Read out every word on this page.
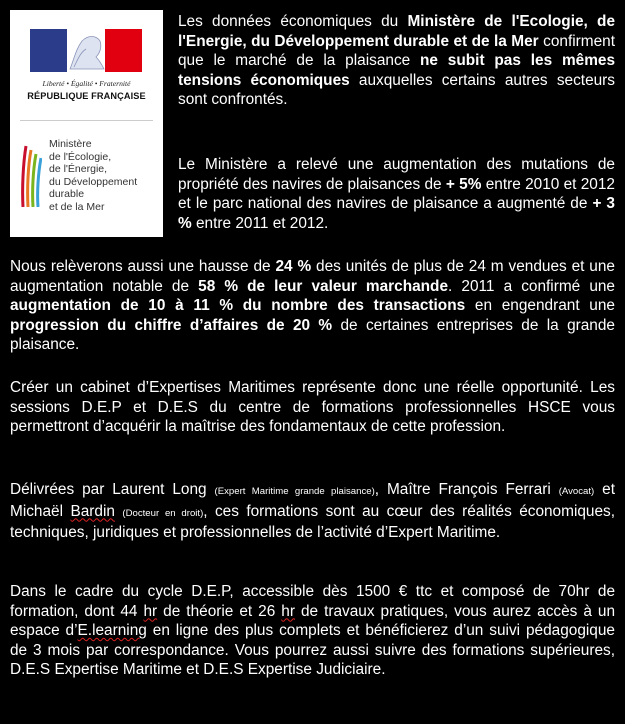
Liberté • Égalité • Fraternité
RÉPUBLIQUE FRANÇAISE
Ministère
de l'Écologie,
de l'Énergie,
du Développement
durable
et de la Mer

Les données économiques du Ministère de l'Ecologie, de l'Energie, du Développement durable et de la Mer confirment que le marché de la plaisance ne subit pas les mêmes tensions économiques auxquelles certains autres secteurs sont confrontés.

Le Ministère a relevé une augmentation des mutations de propriété des navires de plaisances de + 5% entre 2010 et 2012 et le parc national des navires de plaisance a augmenté de + 3 % entre 2011 et 2012.

Nous relèverons aussi une hausse de 24 % des unités de plus de 24 m vendues et une augmentation notable de 58 % de leur valeur marchande. 2011 a confirmé une augmentation de 10 à 11 % du nombre des transactions en engendrant une progression du chiffre d’affaires de 20 % de certaines entreprises de la grande plaisance.

Créer un cabinet d’Expertises Maritimes représente donc une réelle opportunité. Les sessions D.E.P et D.E.S du centre de formations professionnelles HSCE vous permettront d’acquérir la maîtrise des fondamentaux de cette profession.

Délivrées par Laurent Long (Expert Maritime grande plaisance), Maître François Ferrari (Avocat) et Michaël Bardin (Docteur en droit), ces formations sont au cœur des réalités économiques, techniques, juridiques et professionnelles de l’activité d’Expert Maritime.

Dans le cadre du cycle D.E.P, accessible dès 1500 € ttc et composé de 70hr de formation, dont 44 hr de théorie et 26 hr de travaux pratiques, vous aurez accès à un espace d’E.learning en ligne des plus complets et bénéficierez d’un suivi pédagogique de 3 mois par correspondance. Vous pourrez aussi suivre des formations supérieures, D.E.S Expertise Maritime et D.E.S Expertise Judiciaire.
